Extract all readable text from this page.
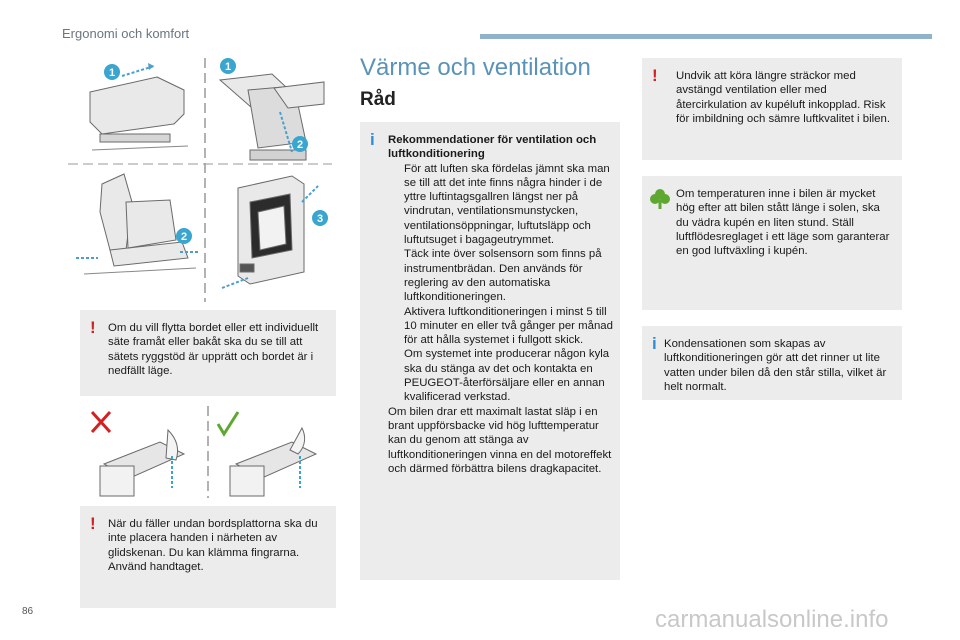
Ergonomi och komfort
1	1
2
2
3
! Om du vill flytta bordet eller ett individuellt säte framåt eller bakåt ska du se till att sätets ryggstöd är upprätt och bordet är i nedfällt läge.

! När du fäller undan bordsplattorna ska du inte placera handen i närheten av glidskenan. Du kan klämma fingrarna. Använd handtaget.

Värme och ventilation
Råd
i Rekommendationer för ventilation och luftkonditionering

För att luften ska fördelas jämnt ska man se till att det inte finns några hinder i de yttre luftintagsgallren längst ner på vindrutan, ventilationsmunstycken, ventilationsöppningar, luftutsläpp och luftutsuget i bagageutrymmet.
Täck inte över solsensorn som finns på instrumentbrädan. Den används för reglering av den automatiska luftkonditioneringen.
Aktivera luftkonditioneringen i minst 5 till 10 minuter en eller två gånger per månad för att hålla systemet i fullgott skick.
Om systemet inte producerar någon kyla ska du stänga av det och kontakta en PEUGEOT-återförsäljare eller en annan kvalificerad verkstad.

Om bilen drar ett maximalt lastat släp i en brant uppförsbacke vid hög lufttemperatur kan du genom att stänga av luftkonditioneringen vinna en del motoreffekt och därmed förbättra bilens dragkapacitet.

! Undvik att köra längre sträckor med avstängd ventilation eller med återcirkulation av kupéluft inkopplad. Risk för imbildning och sämre luftkvalitet i bilen.

Om temperaturen inne i bilen är mycket hög efter att bilen stått länge i solen, ska du vädra kupén en liten stund. Ställ luftflödesreglaget i ett läge som garanterar en god luftväxling i kupén.

i Kondensationen som skapas av luftkonditioneringen gör att det rinner ut lite vatten under bilen då den står stilla, vilket är helt normalt.

86	carmanualsonline.info
